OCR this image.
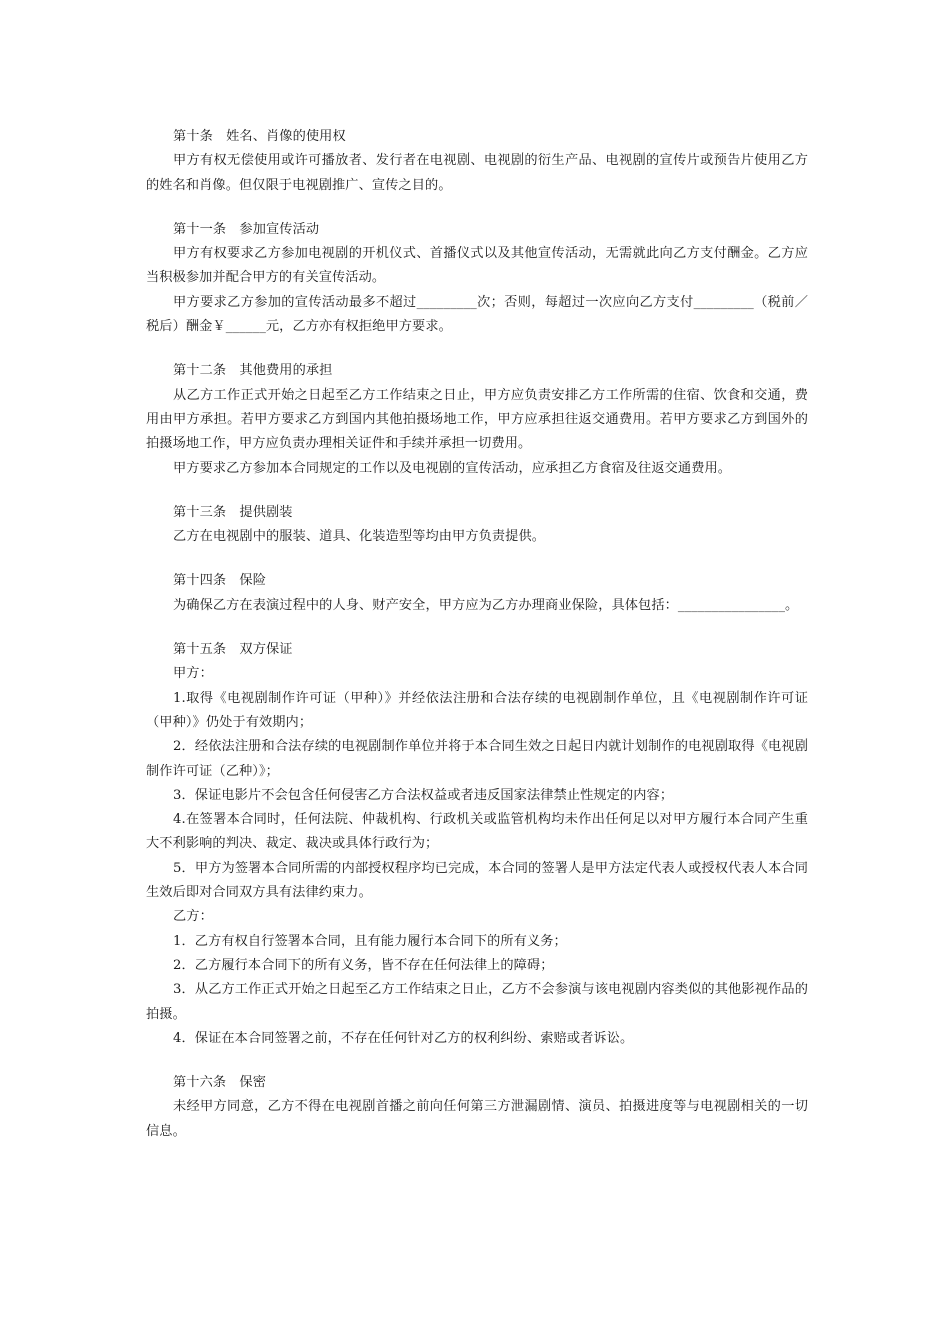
第十条　姓名、肖像的使用权
甲方有权无偿使用或许可播放者、发行者在电视剧、电视剧的衍生产品、电视剧的宣传片或预告片使用乙方的姓名和肖像。但仅限于电视剧推广、宣传之目的。
第十一条　参加宣传活动
甲方有权要求乙方参加电视剧的开机仪式、首播仪式以及其他宣传活动，无需就此向乙方支付酬金。乙方应当积极参加并配合甲方的有关宣传活动。
甲方要求乙方参加的宣传活动最多不超过_________次；否则，每超过一次应向乙方支付_________（税前／税后）酬金￥______元，乙方亦有权拒绝甲方要求。
第十二条　其他费用的承担
从乙方工作正式开始之日起至乙方工作结束之日止，甲方应负责安排乙方工作所需的住宿、饮食和交通，费用由甲方承担。若甲方要求乙方到国内其他拍摄场地工作，甲方应承担往返交通费用。若甲方要求乙方到国外的拍摄场地工作，甲方应负责办理相关证件和手续并承担一切费用。
甲方要求乙方参加本合同规定的工作以及电视剧的宣传活动，应承担乙方食宿及往返交通费用。
第十三条　提供剧装
乙方在电视剧中的服装、道具、化装造型等均由甲方负责提供。
第十四条　保险
为确保乙方在表演过程中的人身、财产安全，甲方应为乙方办理商业保险，具体包括：________________。
第十五条　双方保证
甲方：
1.取得《电视剧制作许可证（甲种）》并经依法注册和合法存续的电视剧制作单位，且《电视剧制作许可证（甲种）》仍处于有效期内；
2．经依法注册和合法存续的电视剧制作单位并将于本合同生效之日起日内就计划制作的电视剧取得《电视剧制作许可证（乙种）》；
3．保证电影片不会包含任何侵害乙方合法权益或者违反国家法律禁止性规定的内容；
4.在签署本合同时，任何法院、仲裁机构、行政机关或监管机构均未作出任何足以对甲方履行本合同产生重大不利影响的判决、裁定、裁决或具体行政行为；
5．甲方为签署本合同所需的内部授权程序均已完成，本合同的签署人是甲方法定代表人或授权代表人本合同生效后即对合同双方具有法律约束力。
乙方：
1．乙方有权自行签署本合同，且有能力履行本合同下的所有义务；
2．乙方履行本合同下的所有义务，皆不存在任何法律上的障碍；
3．从乙方工作正式开始之日起至乙方工作结束之日止，乙方不会参演与该电视剧内容类似的其他影视作品的拍摄。
4．保证在本合同签署之前，不存在任何针对乙方的权利纠纷、索赔或者诉讼。
第十六条　保密
未经甲方同意，乙方不得在电视剧首播之前向任何第三方泄漏剧情、演员、拍摄进度等与电视剧相关的一切信息。
